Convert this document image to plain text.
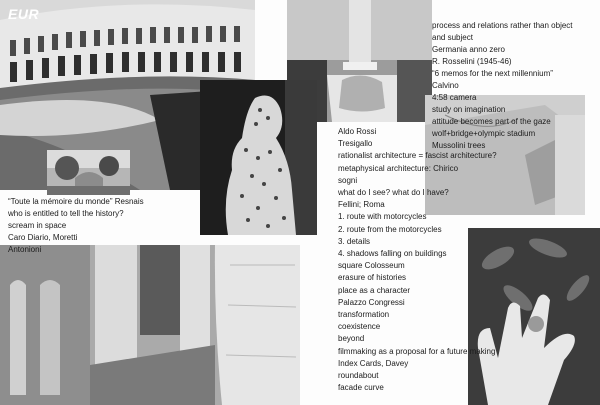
EUR
“Toute la mémoire du monde” Resnais
who is entitled to tell the history?
scream in space
Caro Diario, Moretti
Antonioni
process and relations rather than object
and subject
Germania anno zero
R. Rosselini (1945-46)
“6 memos for the next millennium”
Calvino
4:58 camera
study on imagination
attitude becomes part of the gaze
wolf+bridge+olympic stadium
Mussolini trees
Aldo Rossi
Tresigallo
rationalist architecture = fascist architecture?
metaphysical architecture: Chirico
sogni
what do I see? what do I have?
Fellini; Roma
1. route with motorcycles
2. route from the motorcycles
3. details
4. shadows falling on buildings
square Colosseum
erasure of histories
place as a character
Palazzo Congressi
transformation
coexistence
beyond
filmmaking as a proposal for a future making
Index Cards, Davey
roundabout
facade curve
